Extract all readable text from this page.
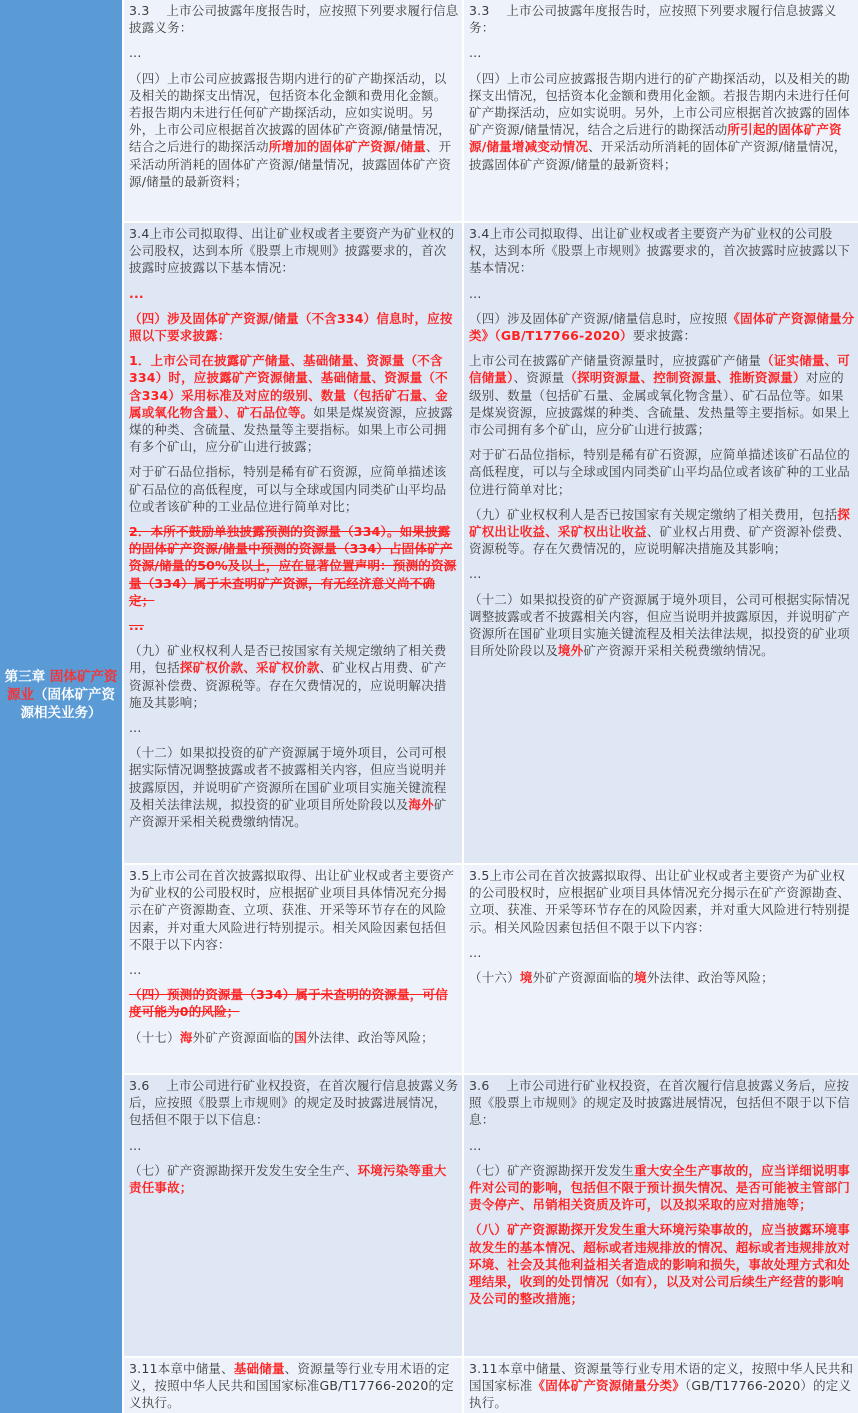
第三章 固体矿产资源业（固体矿产资源相关业务）

3.3　 上市公司披露年度报告时，应按照下列要求履行信息披露义务：

...

（四）上市公司应披露报告期内进行的矿产勘探活动，以及相关的勘探支出情况，包括资本化金额和费用化金额。若报告期内未进行任何矿产勘探活动，应如实说明。另外，上市公司应根据首次披露的固体矿产资源/储量情况，结合之后进行的勘探活动所增加的固体矿产资源/储量、开采活动所消耗的固体矿产资源/储量情况，披露固体矿产资源/储量的最新资料；

3.3　 上市公司披露年度报告时，应按照下列要求履行信息披露义务：

...

（四）上市公司应披露报告期内进行的矿产勘探活动，以及相关的勘探支出情况，包括资本化金额和费用化金额。若报告期内未进行任何矿产勘探活动，应如实说明。另外，上市公司应根据首次披露的固体矿产资源/储量情况，结合之后进行的勘探活动所引起的固体矿产资源/储量增减变动情况、开采活动所消耗的固体矿产资源/储量情况，披露固体矿产资源/储量的最新资料；

3.4上市公司拟取得、出让矿业权或者主要资产为矿业权的公司股权，达到本所《股票上市规则》披露要求的，首次披露时应披露以下基本情况：

...

（四）涉及固体矿产资源/储量（不含334）信息时，应按照以下要求披露：

1．上市公司在披露矿产储量、基础储量、资源量（不含334）时，应披露矿产资源储量、基础储量、资源量（不含334）采用标准及对应的级别、数量（包括矿石量、金属或氧化物含量）、矿石品位等。如果是煤炭资源，应披露煤的种类、含硫量、发热量等主要指标。如果上市公司拥有多个矿山，应分矿山进行披露；

对于矿石品位指标，特别是稀有矿石资源，应简单描述该矿石品位的高低程度，可以与全球或国内同类矿山平均品位或者该矿种的工业品位进行简单对比；

2．本所不鼓励单独披露预测的资源量（334）。如果披露的固体矿产资源/储量中预测的资源量（334）占固体矿产资源/储量的50%及以上，应在显著位置声明：预测的资源量（334）属于未查明矿产资源，有无经济意义尚不确定；

...

（九）矿业权权利人是否已按国家有关规定缴纳了相关费用，包括探矿权价款、采矿权价款、矿业权占用费、矿产资源补偿费、资源税等。存在欠费情况的，应说明解决措施及其影响；

...

（十二）如果拟投资的矿产资源属于境外项目，公司可根据实际情况调整披露或者不披露相关内容，但应当说明并披露原因，并说明矿产资源所在国矿业项目实施关键流程及相关法律法规，拟投资的矿业项目所处阶段以及海外矿产资源开采相关税费缴纳情况。

3.4上市公司拟取得、出让矿业权或者主要资产为矿业权的公司股权，达到本所《股票上市规则》披露要求的，首次披露时应披露以下基本情况：

...

（四）涉及固体矿产资源/储量信息时，应按照《固体矿产资源储量分类》（GB/T17766-2020）要求披露：

上市公司在披露矿产储量资源量时，应披露矿产储量（证实储量、可信储量）、资源量（探明资源量、控制资源量、推断资源量）对应的级别、数量（包括矿石量、金属或氧化物含量）、矿石品位等。如果是煤炭资源，应披露煤的种类、含硫量、发热量等主要指标。如果上市公司拥有多个矿山，应分矿山进行披露；

对于矿石品位指标，特别是稀有矿石资源，应简单描述该矿石品位的高低程度，可以与全球或国内同类矿山平均品位或者该矿种的工业品位进行简单对比；

（九）矿业权权利人是否已按国家有关规定缴纳了相关费用，包括探矿权出让收益、采矿权出让收益、矿业权占用费、矿产资源补偿费、资源税等。存在欠费情况的，应说明解决措施及其影响；

...

（十二）如果拟投资的矿产资源属于境外项目，公司可根据实际情况调整披露或者不披露相关内容，但应当说明并披露原因，并说明矿产资源所在国矿业项目实施关键流程及相关法律法规，拟投资的矿业项目所处阶段以及境外矿产资源开采相关税费缴纳情况。

3.5上市公司在首次披露拟取得、出让矿业权或者主要资产为矿业权的公司股权时，应根据矿业项目具体情况充分揭示在矿产资源勘查、立项、获准、开采等环节存在的风险因素，并对重大风险进行特别提示。相关风险因素包括但不限于以下内容：

...

（四）预测的资源量（334）属于未查明的资源量，可信度可能为0的风险；

（十七）海外矿产资源面临的国外法律、政治等风险；

3.5上市公司在首次披露拟取得、出让矿业权或者主要资产为矿业权的公司股权时，应根据矿业项目具体情况充分揭示在矿产资源勘查、立项、获准、开采等环节存在的风险因素，并对重大风险进行特别提示。相关风险因素包括但不限于以下内容：

...

（十六）境外矿产资源面临的境外法律、政治等风险；

3.6　 上市公司进行矿业权投资，在首次履行信息披露义务后，应按照《股票上市规则》的规定及时披露进展情况，包括但不限于以下信息：

...

（七）矿产资源勘探开发发生安全生产、环境污染等重大责任事故；

3.6　 上市公司进行矿业权投资，在首次履行信息披露义务后，应按照《股票上市规则》的规定及时披露进展情况，包括但不限于以下信息：

...

（七）矿产资源勘探开发发生重大安全生产事故的，应当详细说明事件对公司的影响，包括但不限于预计损失情况、是否可能被主管部门责令停产、吊销相关资质及许可，以及拟采取的应对措施等；

（八）矿产资源勘探开发发生重大环境污染事故的，应当披露环境事故发生的基本情况、超标或者违规排放的情况、超标或者违规排放对环境、社会及其他利益相关者造成的影响和损失，事故处理方式和处理结果，收到的处罚情况（如有），以及对公司后续生产经营的影响及公司的整改措施；

3.11本章中储量、基础储量、资源量等行业专用术语的定义，按照中华人民共和国国家标准GB/T17766-2020的定义执行。

3.11本章中储量、资源量等行业专用术语的定义，按照中华人民共和国国家标准《固体矿产资源储量分类》（GB/T17766-2020）的定义执行。
